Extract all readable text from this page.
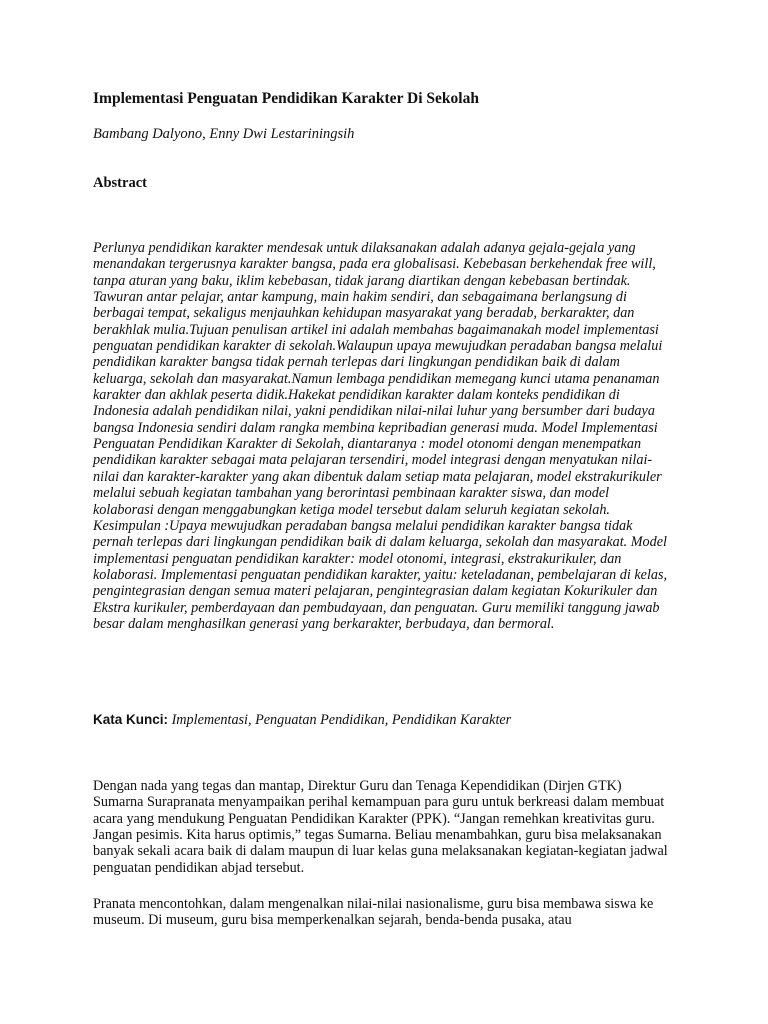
Implementasi Penguatan Pendidikan Karakter Di Sekolah

Bambang Dalyono, Enny Dwi Lestariningsih

Abstract

Perlunya pendidikan karakter mendesak untuk dilaksanakan adalah adanya gejala-gejala yang menandakan tergerusnya karakter bangsa, pada era globalisasi. Kebebasan berkehendak free will, tanpa aturan yang baku, iklim kebebasan, tidak jarang diartikan dengan kebebasan bertindak. Tawuran antar pelajar, antar kampung, main hakim sendiri, dan sebagaimana berlangsung di berbagai tempat, sekaligus menjauhkan kehidupan masyarakat yang beradab, berkarakter, dan berakhlak mulia.Tujuan penulisan artikel ini adalah membahas bagaimanakah model implementasi penguatan pendidikan karakter di sekolah.Walaupun upaya mewujudkan peradaban bangsa melalui pendidikan karakter bangsa tidak pernah terlepas dari lingkungan pendidikan baik di dalam keluarga, sekolah dan masyarakat.Namun lembaga pendidikan memegang kunci utama penanaman karakter dan akhlak peserta didik.Hakekat pendidikan karakter dalam konteks pendidikan di Indonesia adalah pendidikan nilai, yakni pendidikan nilai-nilai luhur yang bersumber dari budaya bangsa Indonesia sendiri dalam rangka membina kepribadian generasi muda. Model Implementasi Penguatan Pendidikan Karakter di Sekolah, diantaranya : model otonomi dengan menempatkan pendidikan karakter sebagai mata pelajaran tersendiri, model integrasi dengan menyatukan nilai-nilai dan karakter-karakter yang akan dibentuk dalam setiap mata pelajaran, model ekstrakurikuler melalui sebuah kegiatan tambahan yang berorintasi pembinaan karakter siswa, dan model kolaborasi dengan menggabungkan ketiga model tersebut dalam seluruh kegiatan sekolah. Kesimpulan :Upaya mewujudkan peradaban bangsa melalui pendidikan karakter bangsa tidak pernah terlepas dari lingkungan pendidikan baik di dalam keluarga, sekolah dan masyarakat. Model implementasi penguatan pendidikan karakter: model otonomi, integrasi, ekstrakurikuler, dan kolaborasi. Implementasi penguatan pendidikan karakter, yaitu: keteladanan, pembelajaran di kelas, pengintegrasian dengan semua materi pelajaran, pengintegrasian dalam kegiatan Kokurikuler dan Ekstra kurikuler, pemberdayaan dan pembudayaan, dan penguatan. Guru memiliki tanggung jawab besar dalam menghasilkan generasi yang berkarakter, berbudaya, dan bermoral.

Kata Kunci: Implementasi, Penguatan Pendidikan, Pendidikan Karakter

Dengan nada yang tegas dan mantap, Direktur Guru dan Tenaga Kependidikan (Dirjen GTK) Sumarna Surapranata menyampaikan perihal kemampuan para guru untuk berkreasi dalam membuat acara yang mendukung Penguatan Pendidikan Karakter (PPK). “Jangan remehkan kreativitas guru. Jangan pesimis. Kita harus optimis,” tegas Sumarna. Beliau menambahkan, guru bisa melaksanakan banyak sekali acara baik di dalam maupun di luar kelas guna melaksanakan kegiatan-kegiatan jadwal penguatan pendidikan abjad tersebut.

Pranata mencontohkan, dalam mengenalkan nilai-nilai nasionalisme, guru bisa membawa siswa ke museum. Di museum, guru bisa memperkenalkan sejarah, benda-benda pusaka, atau
